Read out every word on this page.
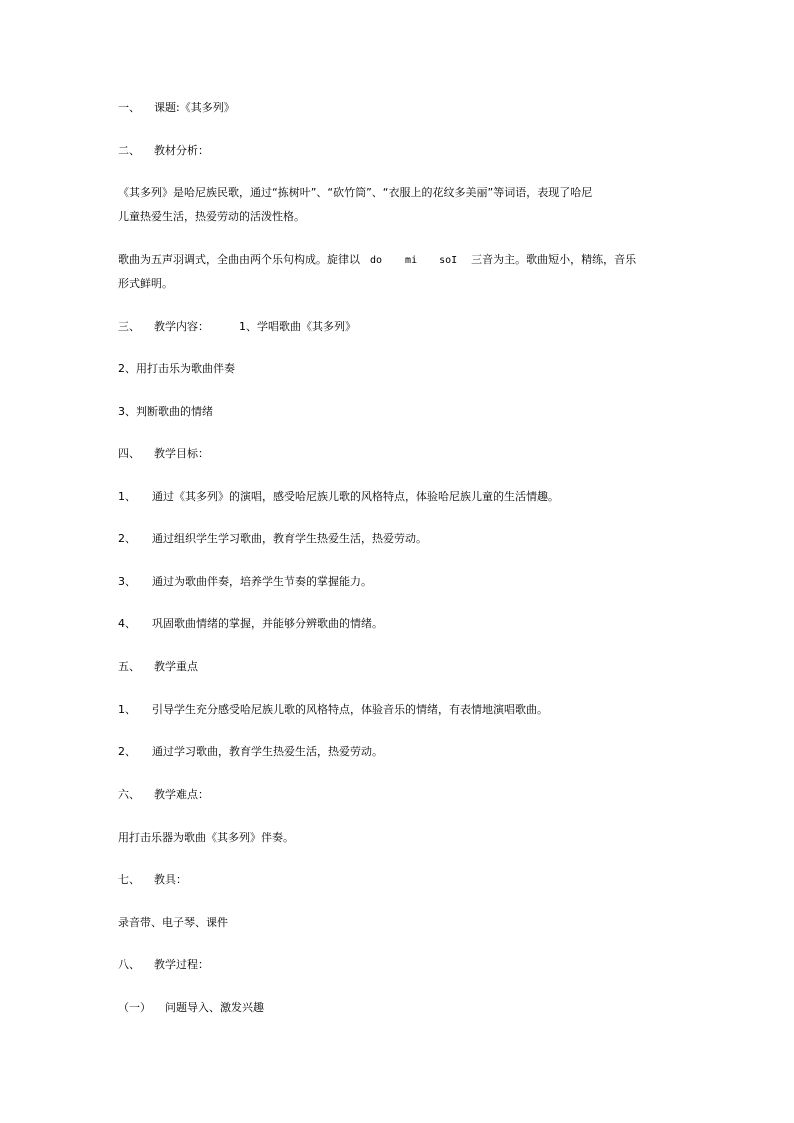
一、 课题:《其多列》
二、 教材分析：
《其多列》是哈尼族民歌，通过“拣树叶”、“砍竹筒”、“衣服上的花纹多美丽”等词语，表现了哈尼
儿童热爱生活，热爱劳动的活泼性格。
歌曲为五声羽调式，全曲由两个乐句构成。旋律以 do mi soI 三音为主。歌曲短小，精练，音乐
形式鲜明。
三、 教学内容：	1、学唱歌曲《其多列》
2、用打击乐为歌曲伴奏
3、判断歌曲的情绪
四、 教学目标：
1、 通过《其多列》的演唱，感受哈尼族儿歌的风格特点，体验哈尼族儿童的生活情趣。
2、 通过组织学生学习歌曲，教育学生热爱生活，热爱劳动。
3、 通过为歌曲伴奏，培养学生节奏的掌握能力。
4、 巩固歌曲情绪的掌握，并能够分辨歌曲的情绪。
五、 教学重点
1、 引导学生充分感受哈尼族儿歌的风格特点，体验音乐的情绪，有表情地演唱歌曲。
2、 通过学习歌曲，教育学生热爱生活，热爱劳动。
六、 教学难点：
用打击乐器为歌曲《其多列》伴奏。
七、 教具：
录音带、电子琴、课件
八、 教学过程：
（一） 问题导入、激发兴趣
